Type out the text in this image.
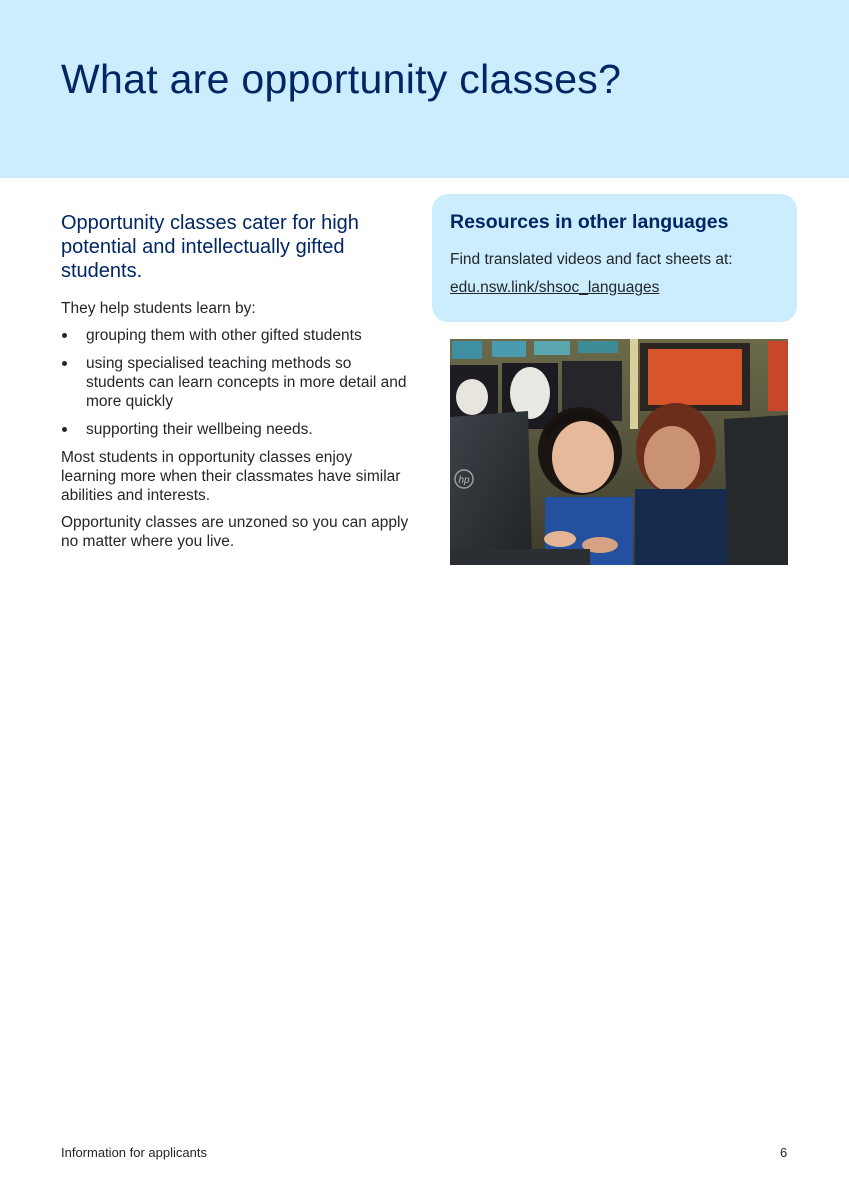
What are opportunity classes?

Opportunity classes cater for high potential and intellectually gifted students.

They help students learn by:

grouping them with other gifted students
using specialised teaching methods so students can learn concepts in more detail and more quickly
supporting their wellbeing needs.

Most students in opportunity classes enjoy learning more when their classmates have similar abilities and interests.

Opportunity classes are unzoned so you can apply no matter where you live.

Resources in other languages

Find translated videos and fact sheets at:

edu.nsw.link/shsoc_languages
hp
Information for applicants	6
